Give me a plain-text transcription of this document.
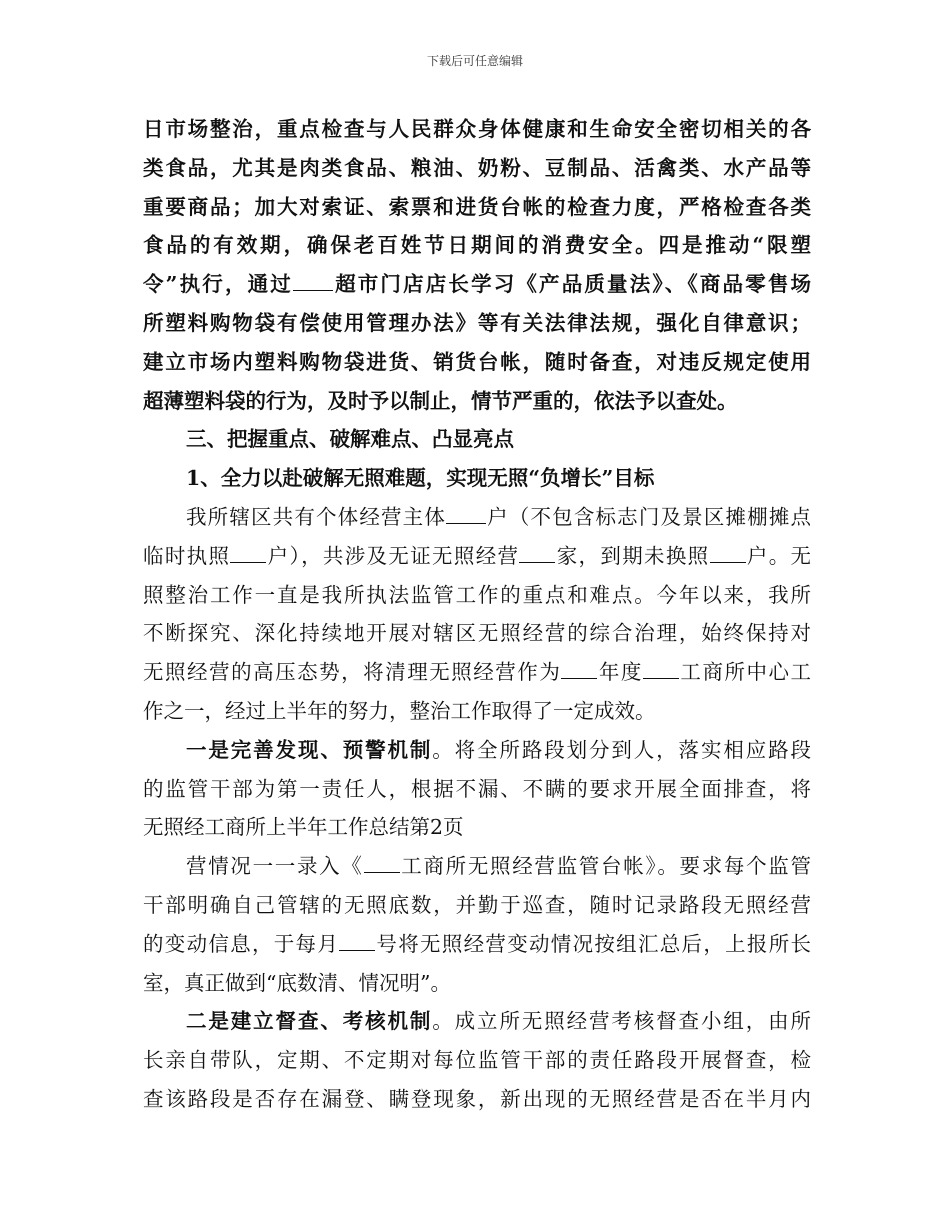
下载后可任意编辑
日市场整治，重点检查与人民群众身体健康和生命安全密切相关的各
类食品，尤其是肉类食品、粮油、奶粉、豆制品、活禽类、水产品等
重要商品；加大对索证、索票和进货台帐的检查力度，严格检查各类
食品的有效期，确保老百姓节日期间的消费安全。四是推动“限塑
令”执行，通过 超市门店店长学习《产品质量法》、《商品零售场
所塑料购物袋有偿使用管理办法》等有关法律法规，强化自律意识；
建立市场内塑料购物袋进货、销货台帐，随时备查，对违反规定使用
超薄塑料袋的行为，及时予以制止，情节严重的，依法予以查处。
三、把握重点、破解难点、凸显亮点
1、全力以赴破解无照难题，实现无照“负增长”目标
我所辖区共有个体经营主体 户（不包含标志门及景区摊棚摊点
临时执照 户），共涉及无证无照经营 家，到期未换照 户。无
照整治工作一直是我所执法监管工作的重点和难点。今年以来，我所
不断探究、深化持续地开展对辖区无照经营的综合治理，始终保持对
无照经营的高压态势，将清理无照经营作为 年度 工商所中心工
作之一，经过上半年的努力，整治工作取得了一定成效。
一是完善发现、预警机制。将全所路段划分到人，落实相应路段
的监管干部为第一责任人，根据不漏、不瞒的要求开展全面排查，将
无照经工商所上半年工作总结第2页
营情况一一录入《 工商所无照经营监管台帐》。要求每个监管
干部明确自己管辖的无照底数，并勤于巡查，随时记录路段无照经营
的变动信息，于每月 号将无照经营变动情况按组汇总后，上报所长
室，真正做到“底数清、情况明”。
二是建立督查、考核机制。成立所无照经营考核督查小组，由所
长亲自带队，定期、不定期对每位监管干部的责任路段开展督查，检
查该路段是否存在漏登、瞒登现象，新出现的无照经营是否在半月内
